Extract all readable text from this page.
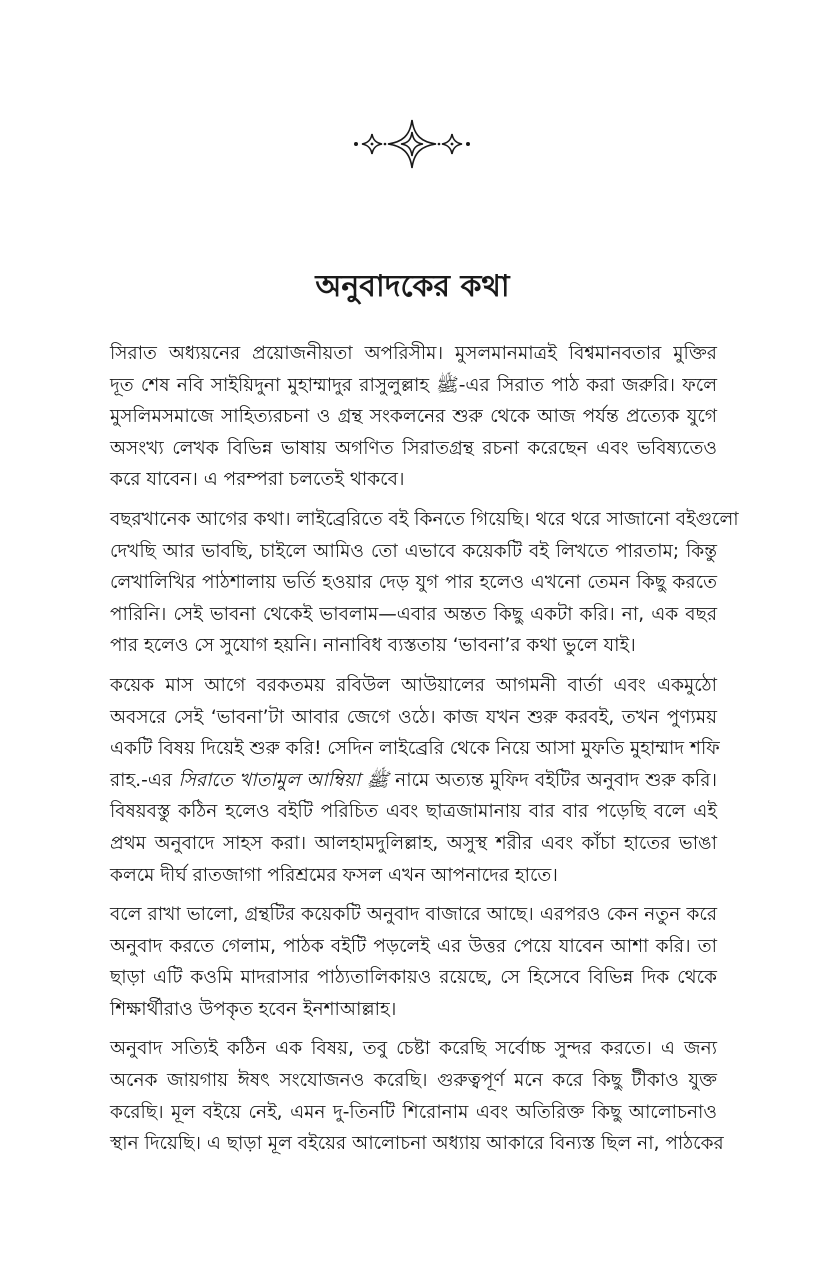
অনুবাদকের কথা

সিরাত অধ্যয়নের প্রয়োজনীয়তা অপরিসীম। মুসলমানমাত্রই বিশ্বমানবতার মুক্তির
দূত শেষ নবি সাইয়িদুনা মুহাম্মাদুর রাসুলুল্লাহ ﷺ-এর সিরাত পাঠ করা জরুরি। ফলে
মুসলিমসমাজে সাহিত্যরচনা ও গ্রন্থ সংকলনের শুরু থেকে আজ পর্যন্ত প্রত্যেক যুগে
অসংখ্য লেখক বিভিন্ন ভাষায় অগণিত সিরাতগ্রন্থ রচনা করেছেন এবং ভবিষ্যতেও
করে যাবেন। এ পরম্পরা চলতেই থাকবে।

বছরখানেক আগের কথা। লাইব্রেরিতে বই কিনতে গিয়েছি। থরে থরে সাজানো বইগুলো
দেখছি আর ভাবছি, চাইলে আমিও তো এভাবে কয়েকটি বই লিখতে পারতাম; কিন্তু
লেখালিখির পাঠশালায় ভর্তি হওয়ার দেড় যুগ পার হলেও এখনো তেমন কিছু করতে
পারিনি। সেই ভাবনা থেকেই ভাবলাম—এবার অন্তত কিছু একটা করি। না, এক বছর
পার হলেও সে সুযোগ হয়নি। নানাবিধ ব্যস্ততায় ‘ভাবনা’র কথা ভুলে যাই।

কয়েক মাস আগে বরকতময় রবিউল আউয়ালের আগমনী বার্তা এবং একমুঠো
অবসরে সেই ‘ভাবনা’টা আবার জেগে ওঠে। কাজ যখন শুরু করবই, তখন পুণ্যময়
একটি বিষয় দিয়েই শুরু করি! সেদিন লাইব্রেরি থেকে নিয়ে আসা মুফতি মুহাম্মাদ শফি
রাহ.-এর সিরাতে খাতামুল আম্বিয়া ﷺ নামে অত্যন্ত মুফিদ বইটির অনুবাদ শুরু করি।
বিষয়বস্তু কঠিন হলেও বইটি পরিচিত এবং ছাত্রজামানায় বার বার পড়েছি বলে এই
প্রথম অনুবাদে সাহস করা। আলহামদুলিল্লাহ, অসুস্থ শরীর এবং কাঁচা হাতের ভাঙা
কলমে দীর্ঘ রাতজাগা পরিশ্রমের ফসল এখন আপনাদের হাতে।

বলে রাখা ভালো, গ্রন্থটির কয়েকটি অনুবাদ বাজারে আছে। এরপরও কেন নতুন করে
অনুবাদ করতে গেলাম, পাঠক বইটি পড়লেই এর উত্তর পেয়ে যাবেন আশা করি। তা
ছাড়া এটি কওমি মাদরাসার পাঠ্যতালিকায়ও রয়েছে, সে হিসেবে বিভিন্ন দিক থেকে
শিক্ষার্থীরাও উপকৃত হবেন ইনশাআল্লাহ।

অনুবাদ সত্যিই কঠিন এক বিষয়, তবু চেষ্টা করেছি সর্বোচ্চ সুন্দর করতে। এ জন্য
অনেক জায়গায় ঈষৎ সংযোজনও করেছি। গুরুত্বপূর্ণ মনে করে কিছু টীকাও যুক্ত
করেছি। মূল বইয়ে নেই, এমন দু-তিনটি শিরোনাম এবং অতিরিক্ত কিছু আলোচনাও
স্থান দিয়েছি। এ ছাড়া মূল বইয়ের আলোচনা অধ্যায় আকারে বিন্যস্ত ছিল না, পাঠকের
